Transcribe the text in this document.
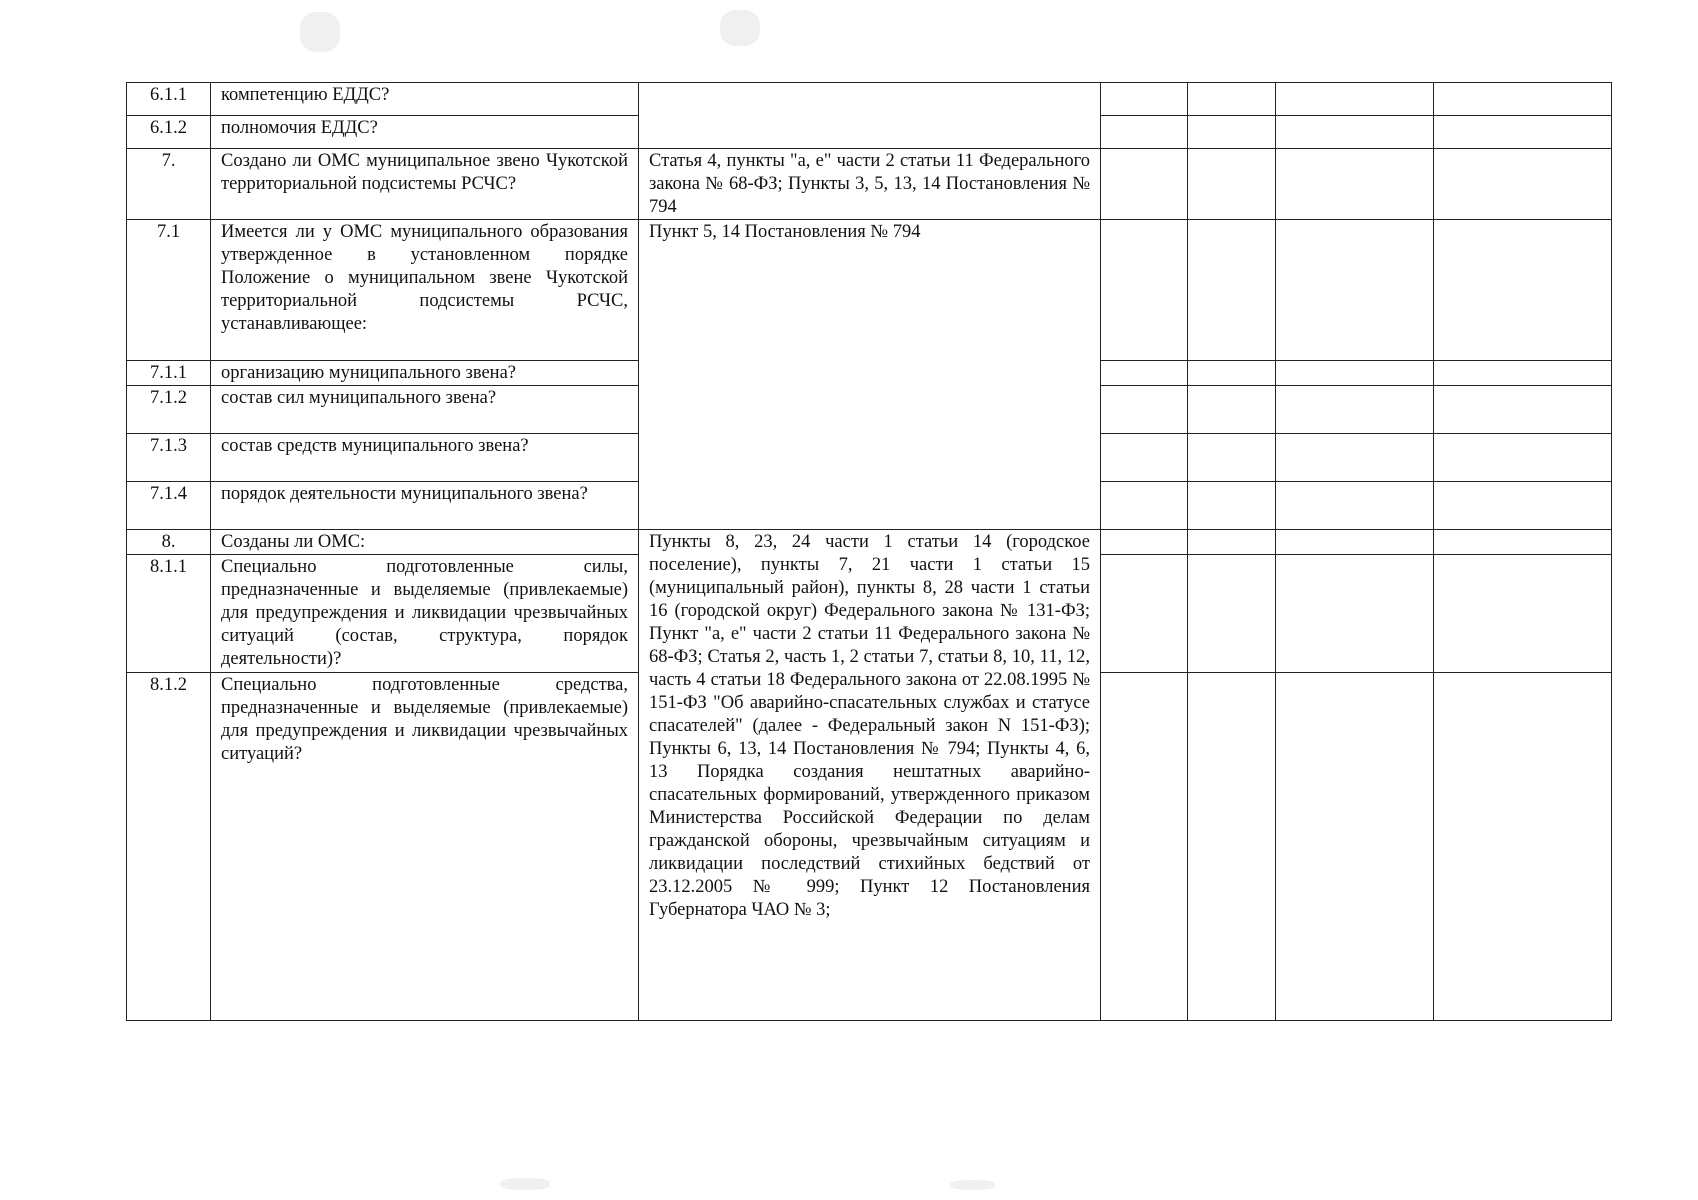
6.1.1	компетенцию ЕДДС?					
6.1.2	полномочия ЕДДС?					
7.	Создано ли ОМС муниципальное звено Чукотской территориальной подсистемы РСЧС?	Статья 4, пункты "а, е" части 2 статьи 11 Федерального закона № 68-ФЗ; Пункты 3, 5, 13, 14 Постановления № 794				
7.1	Имеется ли у ОМС муниципального образования утвержденное в установленном порядке Положение о муниципальном звене Чукотской территориальной подсистемы РСЧС, устанавливающее:	Пункт 5, 14 Постановления № 794				
7.1.1	организацию муниципального звена?					
7.1.2	состав сил муниципального звена?					
7.1.3	состав средств муниципального звена?					
7.1.4	порядок деятельности муниципального звена?					
8.	Созданы ли ОМС:	Пункты 8, 23, 24 части 1 статьи 14 (городское поселение), пункты 7, 21 части 1 статьи 15 (муниципальный район), пункты 8, 28 части 1 статьи 16 (городской округ) Федерального закона № 131-ФЗ; Пункт "а, е" части 2 статьи 11 Федерального закона № 68-ФЗ; Статья 2, часть 1, 2 статьи 7, статьи 8, 10, 11, 12, часть 4 статьи 18 Федерального закона от 22.08.1995 № 151-ФЗ "Об аварийно-спасательных службах и статусе спасателей" (далее - Федеральный закон N 151-ФЗ); Пункты 6, 13, 14 Постановления № 794; Пункты 4, 6, 13 Порядка создания нештатных аварийно-спасательных формирований, утвержденного приказом Министерства Российской Федерации по делам гражданской обороны, чрезвычайным ситуациям и ликвидации последствий стихийных бедствий от 23.12.2005 № 999; Пункт 12 Постановления Губернатора ЧАО № 3;				
8.1.1	Специально подготовленные силы, предназначенные и выделяемые (привлекаемые) для предупреждения и ликвидации чрезвычайных ситуаций (состав, структура, порядок деятельности)?					
8.1.2	Специально подготовленные средства, предназначенные и выделяемые (привлекаемые) для предупреждения и ликвидации чрезвычайных ситуаций?					
